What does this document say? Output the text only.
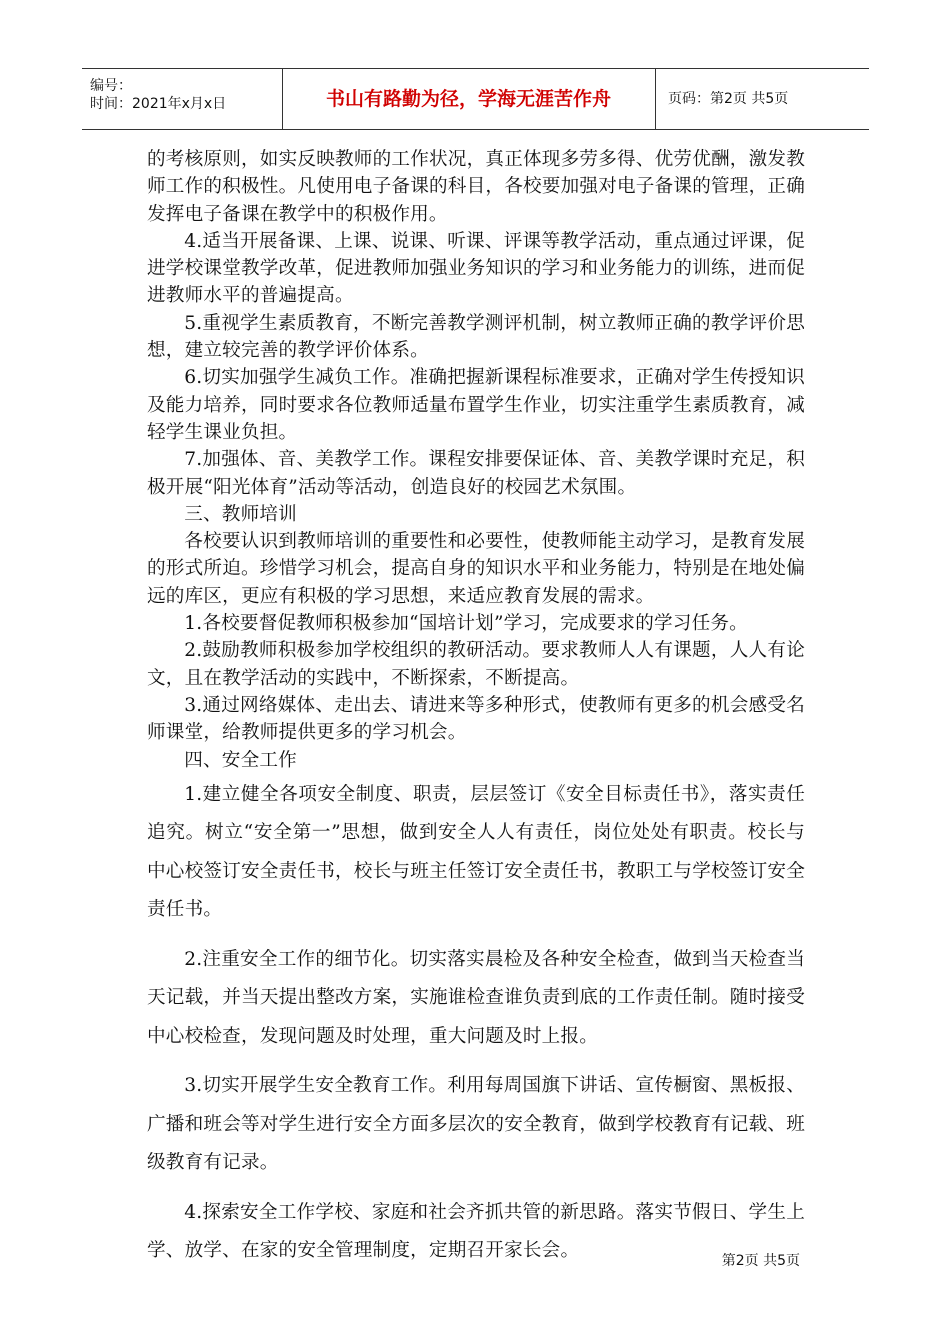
编号：
时间：2021年x月x日	书山有路勤为径，学海无涯苦作舟	页码：第2页 共5页

的考核原则，如实反映教师的工作状况，真正体现多劳多得、优劳优酬，激发教师工作的积极性。凡使用电子备课的科目，各校要加强对电子备课的管理，正确发挥电子备课在教学中的积极作用。

4.适当开展备课、上课、说课、听课、评课等教学活动，重点通过评课，促进学校课堂教学改革，促进教师加强业务知识的学习和业务能力的训练，进而促进教师水平的普遍提高。

5.重视学生素质教育，不断完善教学测评机制，树立教师正确的教学评价思想，建立较完善的教学评价体系。

6.切实加强学生减负工作。准确把握新课程标准要求，正确对学生传授知识及能力培养，同时要求各位教师适量布置学生作业，切实注重学生素质教育，减轻学生课业负担。

7.加强体、音、美教学工作。课程安排要保证体、音、美教学课时充足，积极开展“阳光体育”活动等活动，创造良好的校园艺术氛围。

三、教师培训

各校要认识到教师培训的重要性和必要性，使教师能主动学习，是教育发展的形式所迫。珍惜学习机会，提高自身的知识水平和业务能力，特别是在地处偏远的库区，更应有积极的学习思想，来适应教育发展的需求。

1.各校要督促教师积极参加“国培计划”学习，完成要求的学习任务。

2.鼓励教师积极参加学校组织的教研活动。要求教师人人有课题，人人有论文，且在教学活动的实践中，不断探索，不断提高。

3.通过网络媒体、走出去、请进来等多种形式，使教师有更多的机会感受名师课堂，给教师提供更多的学习机会。

四、安全工作

1.建立健全各项安全制度、职责，层层签订《安全目标责任书》，落实责任追究。树立“安全第一”思想，做到安全人人有责任，岗位处处有职责。校长与中心校签订安全责任书，校长与班主任签订安全责任书，教职工与学校签订安全责任书。

2.注重安全工作的细节化。切实落实晨检及各种安全检查，做到当天检查当天记载，并当天提出整改方案，实施谁检查谁负责到底的工作责任制。随时接受中心校检查，发现问题及时处理，重大问题及时上报。

3.切实开展学生安全教育工作。利用每周国旗下讲话、宣传橱窗、黑板报、广播和班会等对学生进行安全方面多层次的安全教育，做到学校教育有记载、班级教育有记录。

4.探索安全工作学校、家庭和社会齐抓共管的新思路。落实节假日、学生上学、放学、在家的安全管理制度，定期召开家长会。	第2页 共5页
